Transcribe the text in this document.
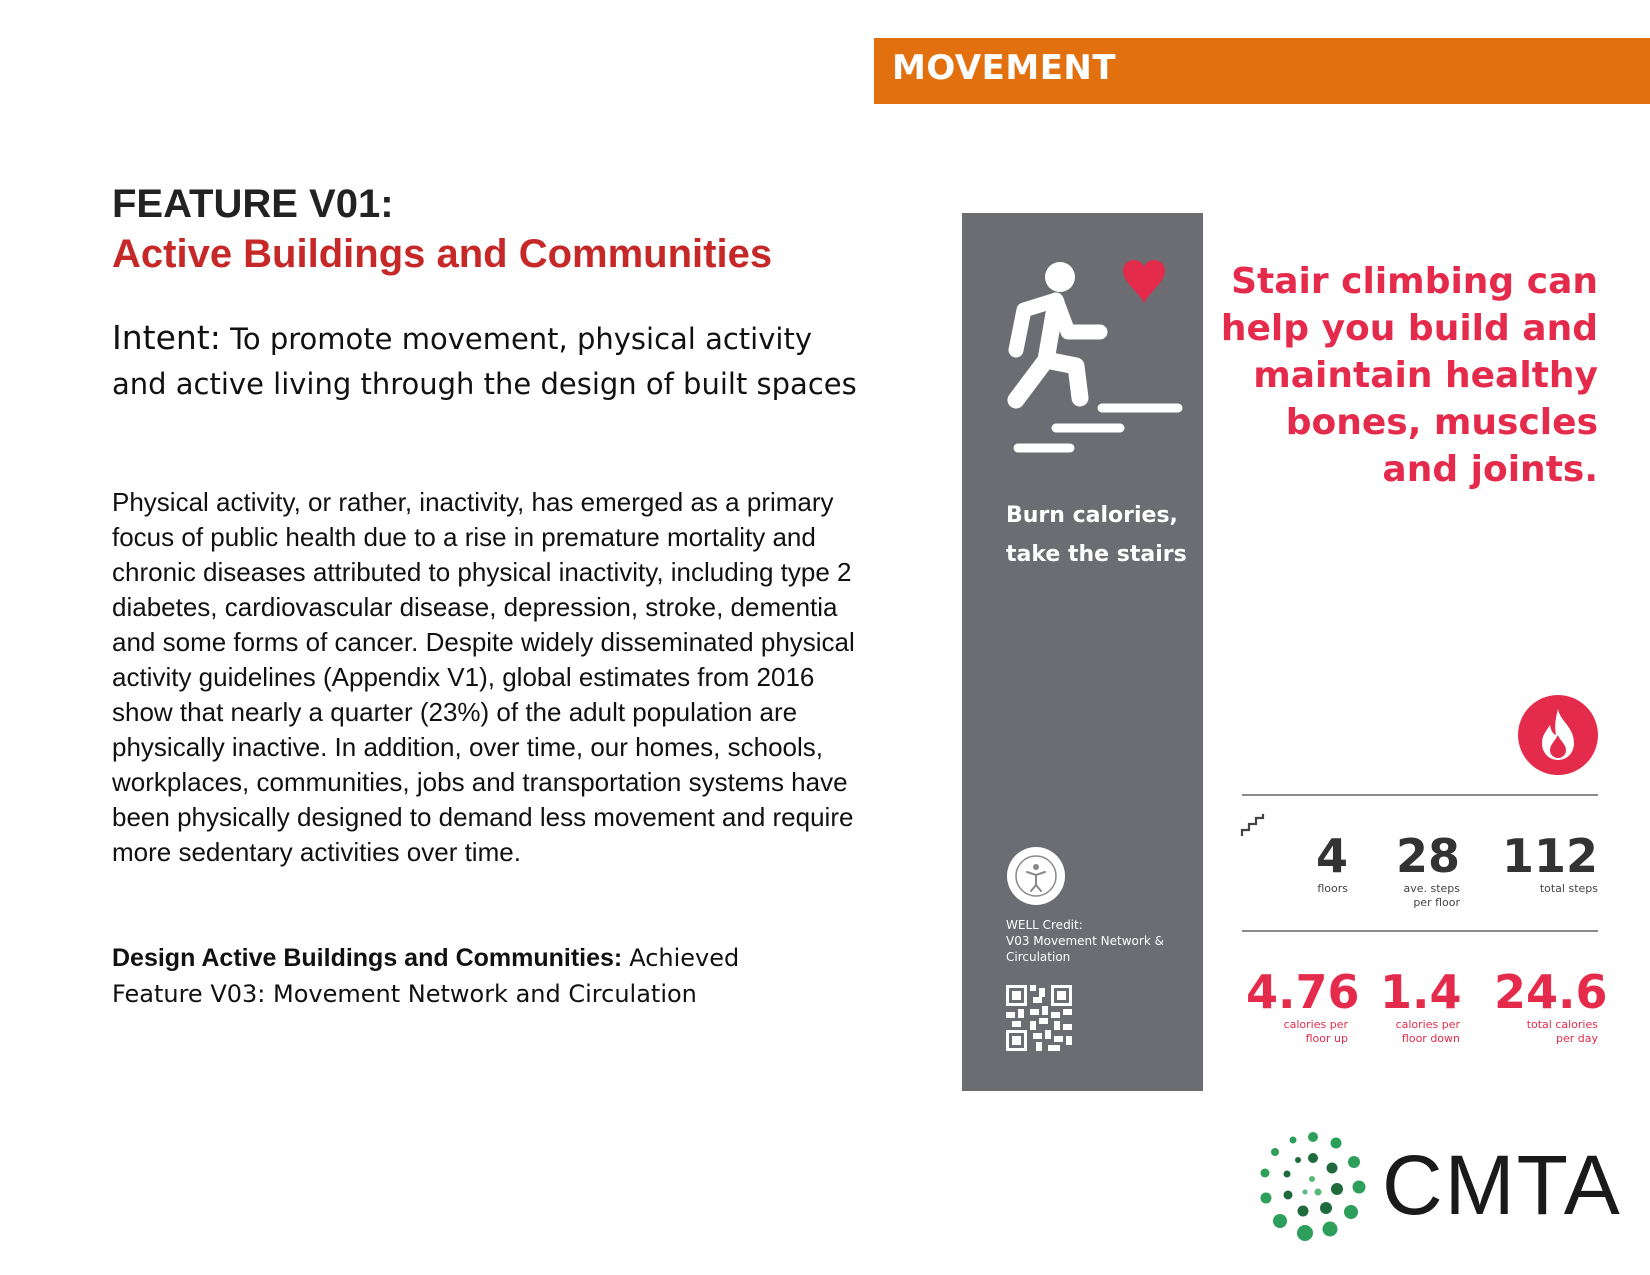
MOVEMENT
FEATURE V01:
Active Buildings and Communities
Intent: To promote movement, physical activity and active living through the design of built spaces
Physical activity, or rather, inactivity, has emerged as a primary focus of public health due to a rise in premature mortality and chronic diseases attributed to physical inactivity, including type 2 diabetes, cardiovascular disease, depression, stroke, dementia and some forms of cancer. Despite widely disseminated physical activity guidelines (Appendix V1), global estimates from 2016 show that nearly a quarter (23%) of the adult population are physically inactive. In addition, over time, our homes, schools, workplaces, communities, jobs and transportation systems have been physically designed to demand less movement and require more sedentary activities over time.
Design Active Buildings and Communities: Achieved
Feature V03: Movement Network and Circulation
Burn calories,
take the stairs
WELL Credit:
V03 Movement Network &
Circulation
Stair climbing can
help you build and
maintain healthy
bones, muscles
and joints.
4
floors
28
ave. steps
per floor
112
total steps
4.76
calories per
floor up
1.4
calories per
floor down
24.6
total calories
per day
CMTA
